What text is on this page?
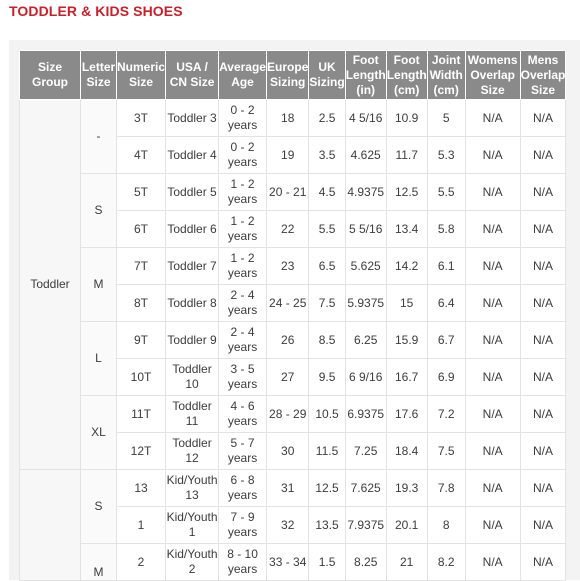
TODDLER & KIDS SHOES
Size Group	Letter Size	Numeric Size	USA / CN Size	Average Age	Europe Sizing	UK Sizing	Foot Length (in)	Foot Length (cm)	Joint Width (cm)	Womens Overlap Size	Mens Overlap Size
Toddler	-	3T	Toddler 3	0 - 2 years	18	2.5	4 5/16	10.9	5	N/A	N/A
		4T	Toddler 4	0 - 2 years	19	3.5	4.625	11.7	5.3	N/A	N/A
	S	5T	Toddler 5	1 - 2 years	20 - 21	4.5	4.9375	12.5	5.5	N/A	N/A
		6T	Toddler 6	1 - 2 years	22	5.5	5 5/16	13.4	5.8	N/A	N/A
	M	7T	Toddler 7	1 - 2 years	23	6.5	5.625	14.2	6.1	N/A	N/A
		8T	Toddler 8	2 - 4 years	24 - 25	7.5	5.9375	15	6.4	N/A	N/A
	L	9T	Toddler 9	2 - 4 years	26	8.5	6.25	15.9	6.7	N/A	N/A
		10T	Toddler 10	3 - 5 years	27	9.5	6 9/16	16.7	6.9	N/A	N/A
	XL	11T	Toddler 11	4 - 6 years	28 - 29	10.5	6.9375	17.6	7.2	N/A	N/A
		12T	Toddler 12	5 - 7 years	30	11.5	7.25	18.4	7.5	N/A	N/A
	S	13	Kid/Youth 13	6 - 8 years	31	12.5	7.625	19.3	7.8	N/A	N/A
		1	Kid/Youth 1	7 - 9 years	32	13.5	7.9375	20.1	8	N/A	N/A
	M	2	Kid/Youth 2	8 - 10 years	33 - 34	1.5	8.25	21	8.2	N/A	N/A
